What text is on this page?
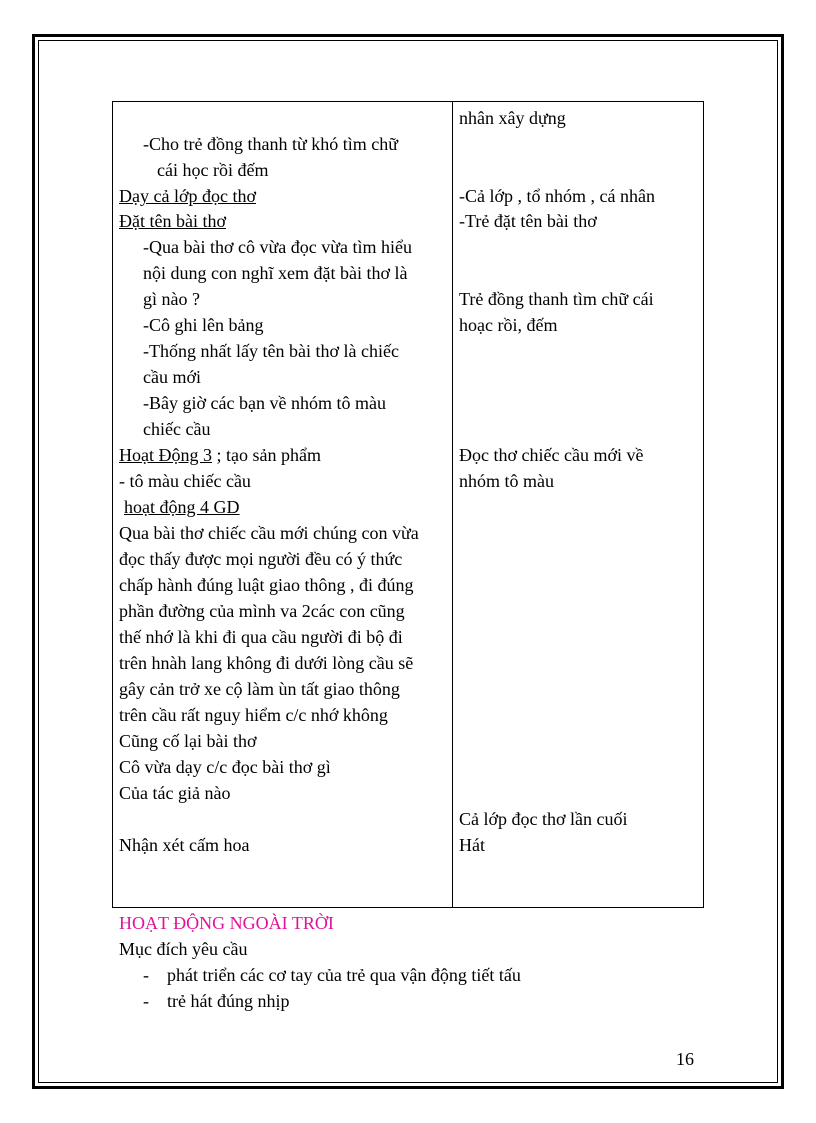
-Cho trẻ đồng thanh từ khó tìm chữ
cái học rồi đếm
Dạy cả lớp đọc thơ
Đặt tên bài thơ
-Qua bài thơ cô vừa đọc vừa tìm hiểu
nội dung con nghĩ xem đặt bài thơ là
gì nào ?
-Cô ghi lên bảng
-Thống nhất lấy tên bài thơ là chiếc
cầu mới
-Bây giờ các bạn về nhóm tô màu
chiếc cầu
Hoạt Động 3 ; tạo sản phẩm
- tô màu chiếc cầu
hoạt động 4 GD
Qua bài thơ chiếc cầu mới chúng con vừa
đọc thấy được mọi người đều có ý thức
chấp hành đúng luật giao thông , đi đúng
phần đường của mình va 2các con cũng
thế nhớ là khi đi qua cầu người đi bộ đi
trên hnàh lang không đi dưới lòng cầu sẽ
gây cản trở xe cộ làm ùn tất giao thông
trên cầu rất nguy hiểm c/c nhớ không
Cũng cố lại bài thơ
Cô vừa dạy c/c đọc bài thơ gì
Của tác giả nào
Nhận xét cấm hoa
nhân xây dựng
-Cả lớp , tổ nhóm , cá nhân
-Trẻ đặt tên bài thơ
Trẻ đồng thanh tìm chữ cái
hoạc rồi, đếm
Đọc thơ chiếc cầu mới về
nhóm tô màu
Cả lớp đọc thơ lần cuối
Hát
HOẠT ĐỘNG NGOÀI TRỜI
Mục đích yêu cầu
- phát triển các cơ tay của trẻ qua vận động tiết tấu
- trẻ hát đúng nhịp
16
